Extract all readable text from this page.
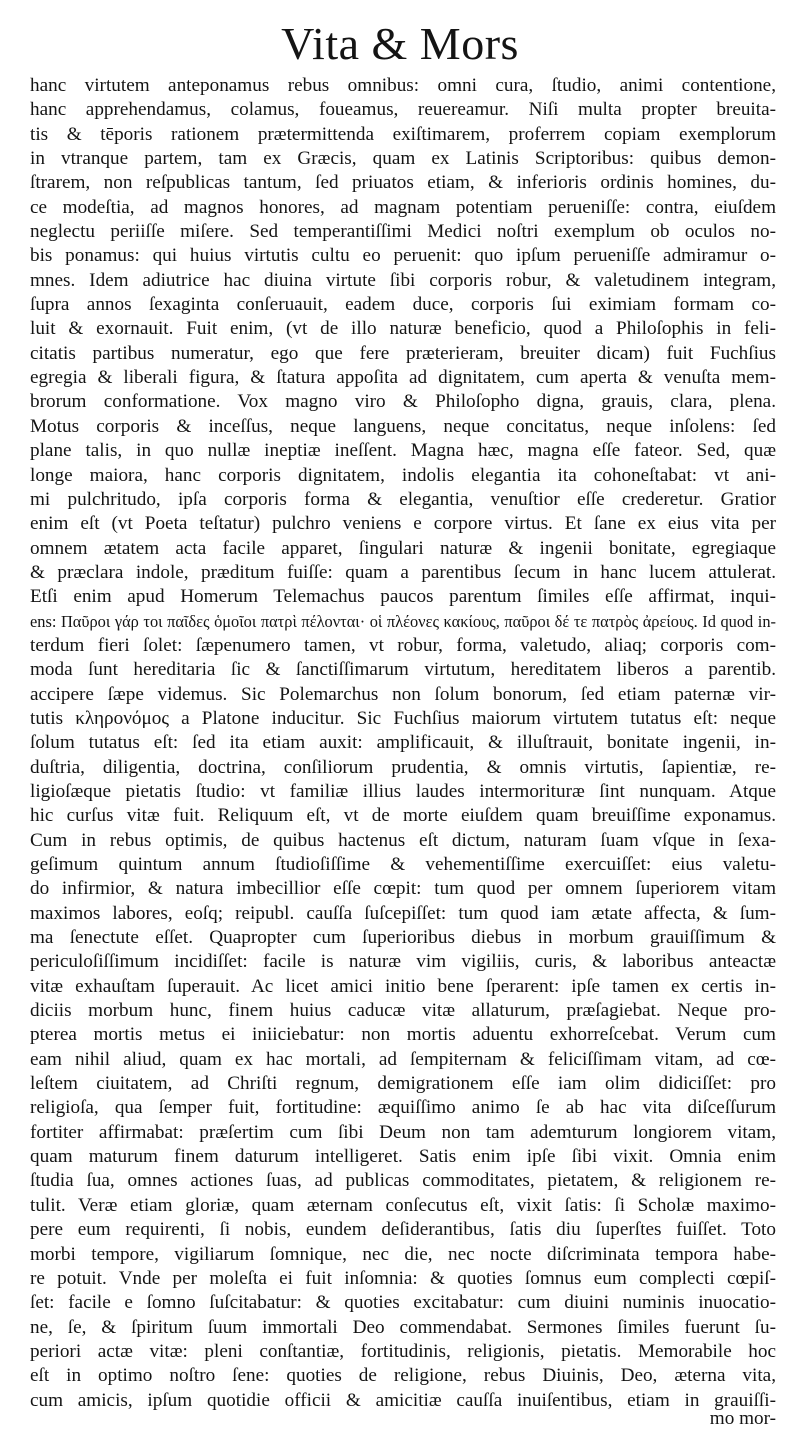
Vita & Mors
hanc virtutem anteponamus rebus omnibus: omni cura, ſtudio, animi contentione,
hanc apprehendamus, colamus, foueamus, reuereamur. Niſi multa propter breuita-
tis & tēporis rationem prætermittenda exiſtimarem, proferrem copiam exemplorum
in vtranque partem, tam ex Græcis, quam ex Latinis Scriptoribus: quibus demon-
ſtrarem, non reſpublicas tantum, ſed priuatos etiam, & inferioris ordinis homines, du-
ce modeſtia, ad magnos honores, ad magnam potentiam perueniſſe: contra, eiuſdem
neglectu periiſſe miſere. Sed temperantiſſimi Medici noſtri exemplum ob oculos no-
bis ponamus: qui huius virtutis cultu eo peruenit: quo ipſum perueniſſe admiramur o-
mnes. Idem adiutrice hac diuina virtute ſibi corporis robur, & valetudinem integram,
ſupra annos ſexaginta conſeruauit, eadem duce, corporis ſui eximiam formam co-
luit & exornauit. Fuit enim, (vt de illo naturæ beneficio, quod a Philoſophis in feli-
citatis partibus numeratur, ego que fere præterieram, breuiter dicam) fuit Fuchſius
egregia & liberali figura, & ſtatura appoſita ad dignitatem, cum aperta & venuſta mem-
brorum conformatione. Vox magno viro & Philoſopho digna, grauis, clara, plena.
Motus corporis & inceſſus, neque languens, neque concitatus, neque inſolens: ſed
plane talis, in quo nullæ ineptiæ ineſſent. Magna hæc, magna eſſe fateor. Sed, quæ
longe maiora, hanc corporis dignitatem, indolis elegantia ita cohoneſtabat: vt ani-
mi pulchritudo, ipſa corporis forma & elegantia, venuſtior eſſe crederetur. Gratior
enim eſt (vt Poeta teſtatur) pulchro veniens e corpore virtus. Et ſane ex eius vita per
omnem ætatem acta facile apparet, ſingulari naturæ & ingenii bonitate, egregiaque
& præclara indole, præditum fuiſſe: quam a parentibus ſecum in hanc lucem attulerat.
Etſi enim apud Homerum Telemachus paucos parentum ſimiles eſſe affirmat, inqui-
ens: Παῦροι γάρ τοι παῖδες ὁμοῖοι πατρὶ πέλονται· οἱ πλέονες κακίους, παῦροι δέ τε πατρὸς ἀρείους. Id quod in-
terdum fieri ſolet: ſæpenumero tamen, vt robur, forma, valetudo, aliaq; corporis com-
moda ſunt hereditaria ſic & ſanctiſſimarum virtutum, hereditatem liberos a parentib.
accipere ſæpe videmus. Sic Polemarchus non ſolum bonorum, ſed etiam paternæ vir-
tutis κληρονόμος a Platone inducitur. Sic Fuchſius maiorum virtutem tutatus eſt: neque
ſolum tutatus eſt: ſed ita etiam auxit: amplificauit, & illuſtrauit, bonitate ingenii, in-
duſtria, diligentia, doctrina, conſiliorum prudentia, & omnis virtutis, ſapientiæ, re-
ligioſæque pietatis ſtudio: vt familiæ illius laudes intermorituræ ſint nunquam. Atque
hic curſus vitæ fuit. Reliquum eſt, vt de morte eiuſdem quam breuiſſime exponamus.
Cum in rebus optimis, de quibus hactenus eſt dictum, naturam ſuam vſque in ſexa-
geſimum quintum annum ſtudioſiſſime & vehementiſſime exercuiſſet: eius valetu-
do infirmior, & natura imbecillior eſſe cœpit: tum quod per omnem ſuperiorem vitam
maximos labores, eoſq; reipubl. cauſſa ſuſcepiſſet: tum quod iam ætate affecta, & ſum-
ma ſenectute eſſet. Quapropter cum ſuperioribus diebus in morbum grauiſſimum &
periculoſiſſimum incidiſſet: facile is naturæ vim vigiliis, curis, & laboribus anteactæ
vitæ exhauſtam ſuperauit. Ac licet amici initio bene ſperarent: ipſe tamen ex certis in-
diciis morbum hunc, finem huius caducæ vitæ allaturum, præſagiebat. Neque pro-
pterea mortis metus ei iniiciebatur: non mortis aduentu exhorreſcebat. Verum cum
eam nihil aliud, quam ex hac mortali, ad ſempiternam & feliciſſimam vitam, ad cœ-
leſtem ciuitatem, ad Chriſti regnum, demigrationem eſſe iam olim didiciſſet: pro
religioſa, qua ſemper fuit, fortitudine: æquiſſimo animo ſe ab hac vita diſceſſurum
fortiter affirmabat: præſertim cum ſibi Deum non tam ademturum longiorem vitam,
quam maturum finem daturum intelligeret. Satis enim ipſe ſibi vixit. Omnia enim
ſtudia ſua, omnes actiones ſuas, ad publicas commoditates, pietatem, & religionem re-
tulit. Veræ etiam gloriæ, quam æternam conſecutus eſt, vixit ſatis: ſi Scholæ maximo-
pere eum requirenti, ſi nobis, eundem deſiderantibus, ſatis diu ſuperſtes fuiſſet. Toto
morbi tempore, vigiliarum ſomnique, nec die, nec nocte diſcriminata tempora habe-
re potuit. Vnde per moleſta ei fuit inſomnia: & quoties ſomnus eum complecti cœpiſ-
ſet: facile e ſomno ſuſcitabatur: & quoties excitabatur: cum diuini numinis inuocatio-
ne, ſe, & ſpiritum ſuum immortali Deo commendabat. Sermones ſimiles fuerunt ſu-
periori actæ vitæ: pleni conſtantiæ, fortitudinis, religionis, pietatis. Memorabile hoc
eſt in optimo noſtro ſene: quoties de religione, rebus Diuinis, Deo, æterna vita,
cum amicis, ipſum quotidie officii & amicitiæ cauſſa inuiſentibus, etiam in grauiſſi-
mo mor-
